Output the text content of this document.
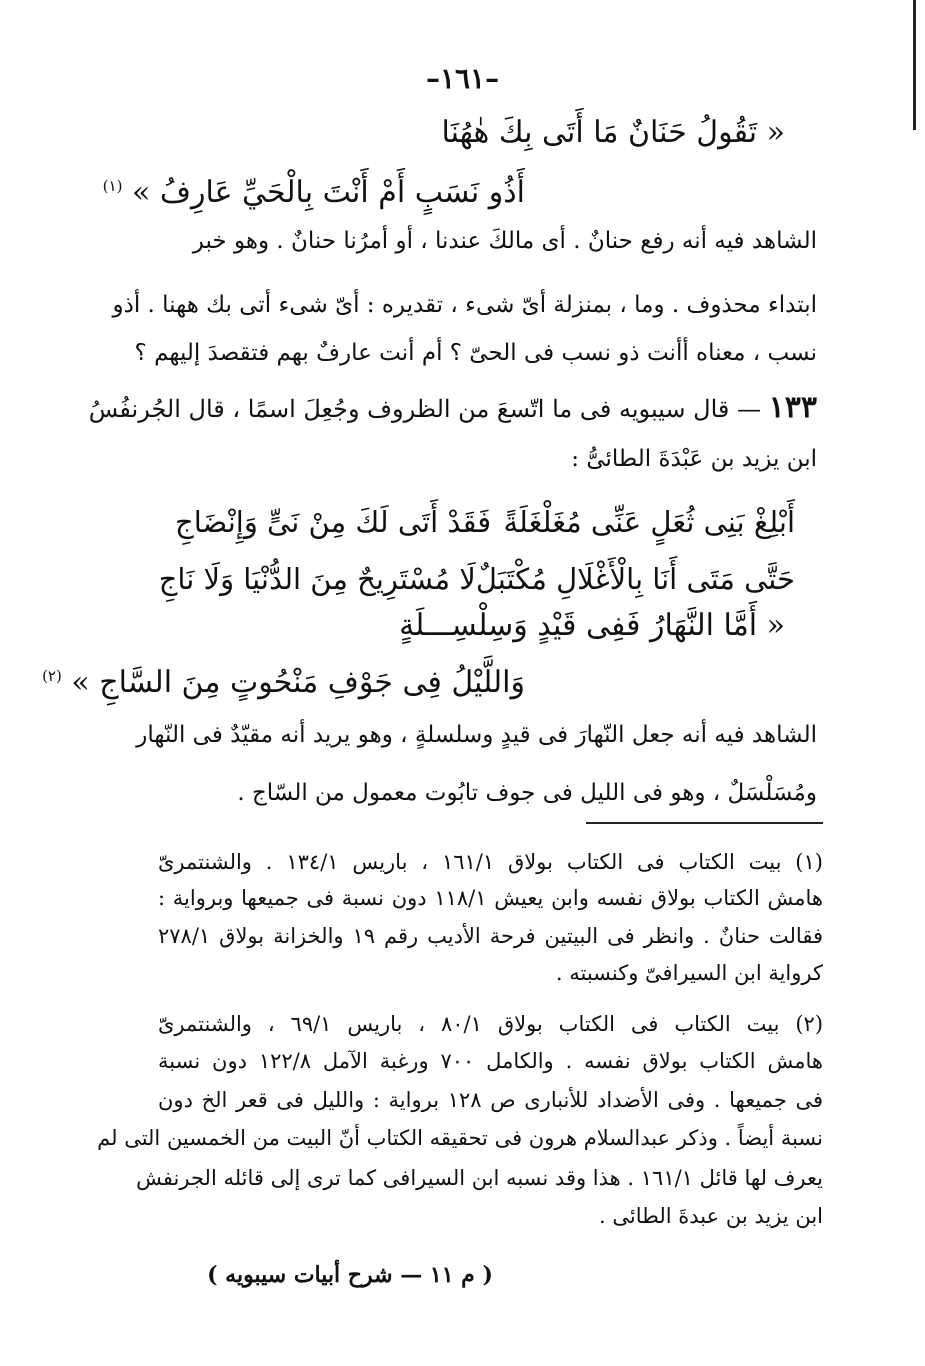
–١٦١–
« تَقُولُ حَنَانٌ مَا أَتَى بِكَ هٰهُنَا
أَذُو نَسَبٍ أَمْ أَنْتَ بِالْحَيِّ عَارِفُ » $^{(١)}$
الشاهد فيه أنه رفع حنانٌ . أى مالكَ عندنا ، أو أمرُنا حنانٌ . وهو خبر
ابتداء محذوف . وما ، بمنزلة أىّ شىء ، تقديره : أىّ شىء أتى بك ههنا . أذو
نسب ، معناه أأنت ذو نسب فى الحىّ ؟ أم أنت عارفٌ بهم فتقصدَ إليهم ؟
١٣٣ — قال سيبويه فى ما اتّسعَ من الظروف وجُعِلَ اسمًا ، قال الجُرنفُسُ
ابن يزيد بن عَبْدَةَ الطائىُّ :
أَبْلِغْ بَنِى ثُعَلٍ عَنِّى مُغَلْغَلَةً
فَقَدْ أَتَى لَكَ مِنْ نَىٍّ وَإِنْضَاجِ
حَتَّى مَتَى أَنَا بِالْأَغْلَالِ مُكْتَبَلٌ
لَا مُسْتَرِيحٌ مِنَ الدُّنْيَا وَلَا نَاجِ
« أَمَّا النَّهَارُ فَفِى قَيْدٍ وَسِلْسِـــلَةٍ
وَاللَّيْلُ فِى جَوْفِ مَنْحُوتٍ مِنَ السَّاجِ » $^{(٢)}$
الشاهد فيه أنه جعل النّهارَ فى قيدٍ وسلسلةٍ ، وهو يريد أنه مقيّدٌ فى النّهار
ومُسَلْسَلٌ ، وهو فى الليل فى جوف تابُوت معمول من السّاج .
(١) بيت الكتاب فى الكتاب بولاق ١٦١/١ ، باريس ١٣٤/١ . والشنتمرىّ
هامش الكتاب بولاق نفسه وابن يعيش ١١٨/١ دون نسبة فى جميعها وبرواية :
فقالت حنانٌ . وانظر فى البيتين فرحة الأديب رقم ١٩ والخزانة بولاق ٢٧٨/١
كرواية ابن السيرافىّ وكنسبته .
(٢) بيت الكتاب فى الكتاب بولاق ٨٠/١ ، باريس ٦٩/١ ، والشنتمرىّ
هامش الكتاب بولاق نفسه . والكامل ٧٠٠ ورغبة الآمل ١٢٢/٨ دون نسبة
فى جميعها . وفى الأضداد للأنبارى ص ١٢٨ برواية : والليل فى قعر الخ دون
نسبة أيضاً . وذكر عبدالسلام هرون فى تحقيقه الكتاب أنّ البيت من الخمسين التى لم
يعرف لها قائل ١٦١/١ . هذا وقد نسبه ابن السيرافى كما ترى إلى قائله الجرنفش
ابن يزيد بن عبدةَ الطائى .
( م ١١ — شرح أبيات سيبويه )
